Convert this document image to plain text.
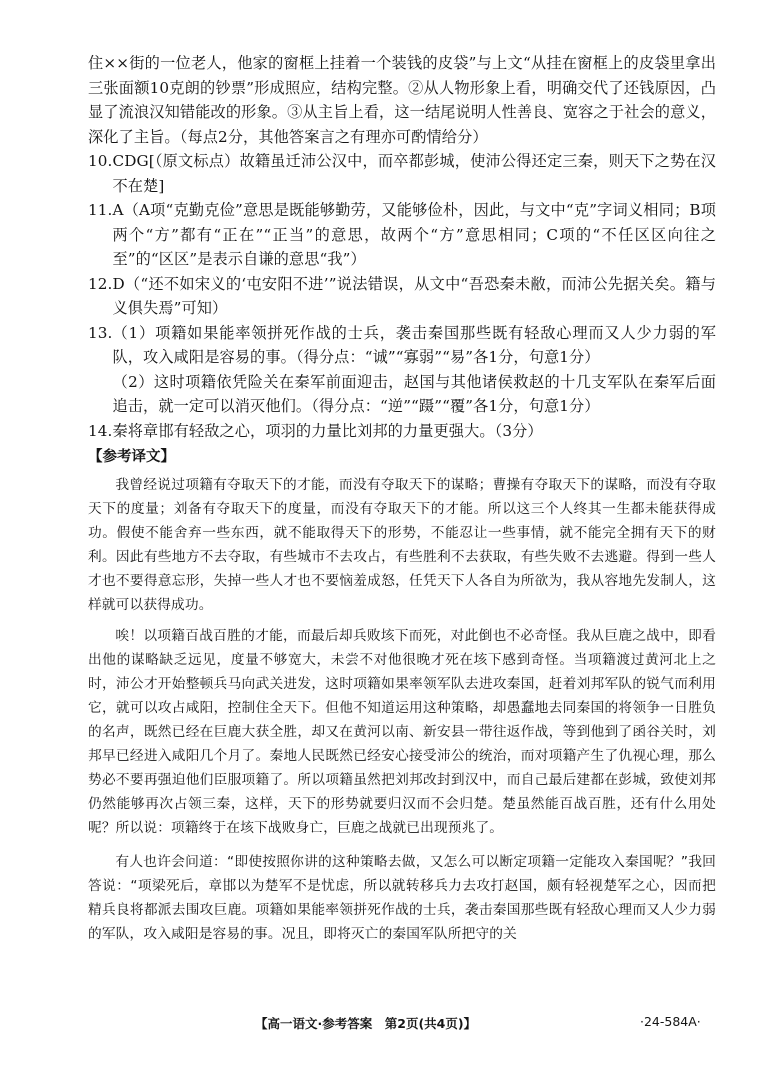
住××街的一位老人，他家的窗框上挂着一个装钱的皮袋”与上文“从挂在窗框上的皮袋里拿出三张面额10克朗的钞票”形成照应，结构完整。②从人物形象上看，明确交代了还钱原因，凸显了流浪汉知错能改的形象。③从主旨上看，这一结尾说明人性善良、宽容之于社会的意义，深化了主旨。（每点2分，其他答案言之有理亦可酌情给分）

10. CDG[（原文标点）故籍虽迁沛公汉中，而卒都彭城，使沛公得还定三秦，则天下之势在汉不在楚]
11. A（A项“克勤克俭”意思是既能够勤劳，又能够俭朴，因此，与文中“克”字词义相同；B项两个“方”都有“正在”“正当”的意思，故两个“方”意思相同；C项的“不任区区向往之至”的“区区”是表示自谦的意思“我”）
12. D（“还不如宋义的‘屯安阳不进’”说法错误，从文中“吾恐秦未敝，而沛公先据关矣。籍与义俱失焉”可知）
13. （1）项籍如果能率领拼死作战的士兵，袭击秦国那些既有轻敌心理而又人少力弱的军队，攻入咸阳是容易的事。（得分点：“诚”“寡弱”“易”各1分，句意1分）
（2）这时项籍依凭险关在秦军前面迎击，赵国与其他诸侯救赵的十几支军队在秦军后面追击，就一定可以消灭他们。（得分点：“逆”“蹑”“覆”各1分，句意1分）
14. 秦将章邯有轻敌之心，项羽的力量比刘邦的力量更强大。（3分）
【参考译文】

我曾经说过项籍有夺取天下的才能，而没有夺取天下的谋略；曹操有夺取天下的谋略，而没有夺取天下的度量；刘备有夺取天下的度量，而没有夺取天下的才能。所以这三个人终其一生都未能获得成功。假使不能舍弃一些东西，就不能取得天下的形势，不能忍让一些事情，就不能完全拥有天下的财利。因此有些地方不去夺取，有些城市不去攻占，有些胜利不去获取，有些失败不去逃避。得到一些人才也不要得意忘形，失掉一些人才也不要恼羞成怒，任凭天下人各自为所欲为，我从容地先发制人，这样就可以获得成功。

唉！以项籍百战百胜的才能，而最后却兵败垓下而死，对此倒也不必奇怪。我从巨鹿之战中，即看出他的谋略缺乏远见，度量不够宽大，未尝不对他很晚才死在垓下感到奇怪。当项籍渡过黄河北上之时，沛公才开始整顿兵马向武关进发，这时项籍如果率领军队去进攻秦国，赶着刘邦军队的锐气而利用它，就可以攻占咸阳，控制住全天下。但他不知道运用这种策略，却愚蠢地去同秦国的将领争一日胜负的名声，既然已经在巨鹿大获全胜，却又在黄河以南、新安县一带往返作战，等到他到了函谷关时，刘邦早已经进入咸阳几个月了。秦地人民既然已经安心接受沛公的统治，而对项籍产生了仇视心理，那么势必不要再强迫他们臣服项籍了。所以项籍虽然把刘邦改封到汉中，而自己最后建都在彭城，致使刘邦仍然能够再次占领三秦，这样，天下的形势就要归汉而不会归楚。楚虽然能百战百胜，还有什么用处呢？所以说：项籍终于在垓下战败身亡，巨鹿之战就已出现预兆了。

有人也许会问道：“即使按照你讲的这种策略去做，又怎么可以断定项籍一定能攻入秦国呢？”我回答说：“项梁死后，章邯以为楚军不是忧虑，所以就转移兵力去攻打赵国，颇有轻视楚军之心，因而把精兵良将都派去围攻巨鹿。项籍如果能率领拼死作战的士兵，袭击秦国那些既有轻敌心理而又人少力弱的军队，攻入咸阳是容易的事。况且，即将灭亡的秦国军队所把守的关

【高一语文·参考答案　第2页(共4页)】	·24-584A·
